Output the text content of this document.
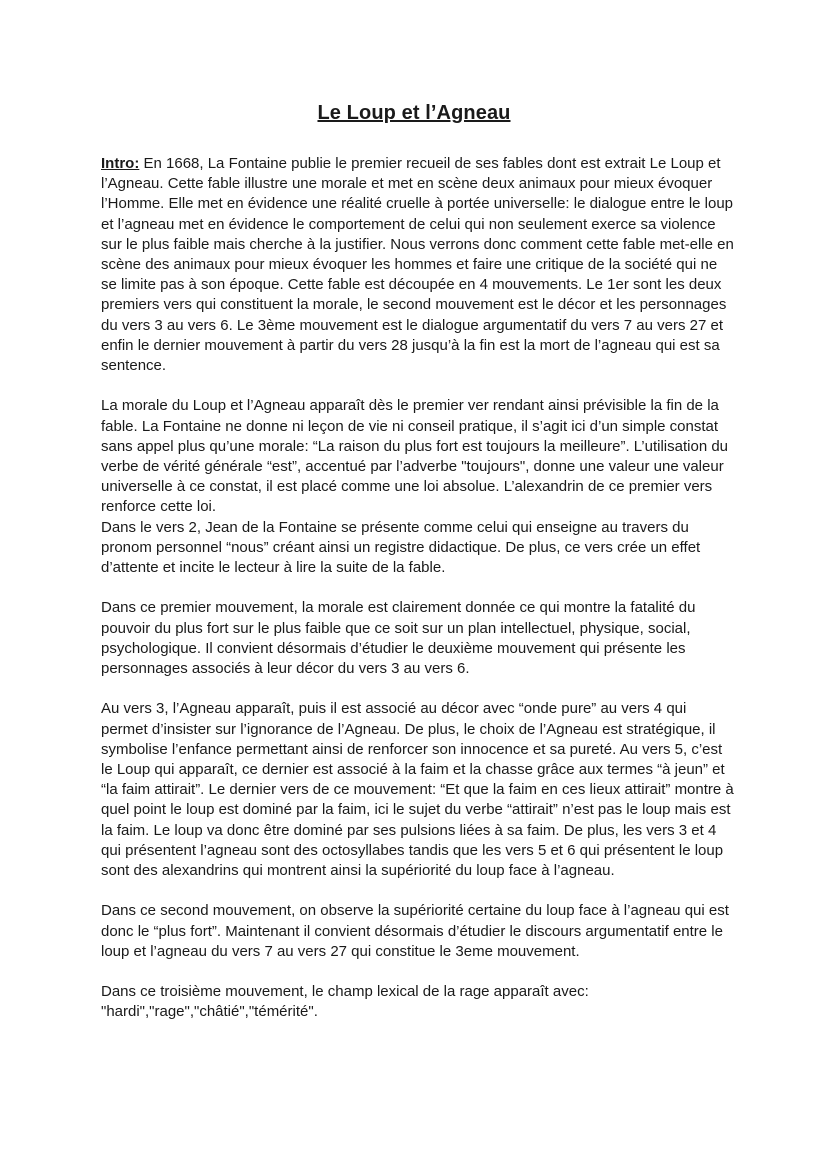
Le Loup et l’Agneau

Intro: En 1668, La Fontaine publie le premier recueil de ses fables dont est extrait Le Loup et l’Agneau. Cette fable illustre une morale et met en scène deux animaux pour mieux évoquer l’Homme. Elle met en évidence une réalité cruelle à portée universelle: le dialogue entre le loup et l’agneau met en évidence le comportement de celui qui non seulement exerce sa violence sur le plus faible mais cherche à la justifier. Nous verrons donc comment cette fable met-elle en scène des animaux pour mieux évoquer les hommes et faire une critique de la société qui ne se limite pas à son époque. Cette fable est découpée en 4 mouvements. Le 1er sont les deux premiers vers qui constituent la morale, le second mouvement est le décor et les personnages du vers 3 au vers 6. Le 3ème mouvement est le dialogue argumentatif du vers 7 au vers 27 et enfin le dernier mouvement à partir du vers 28 jusqu’à la fin est la mort de l’agneau qui est sa sentence.

La morale du Loup et l’Agneau apparaît dès le premier ver rendant ainsi prévisible la fin de la fable. La Fontaine ne donne ni leçon de vie ni conseil pratique, il s’agit ici d’un simple constat sans appel plus qu’une morale: “La raison du plus fort est toujours la meilleure”. L’utilisation du verbe de vérité générale “est”, accentué par l’adverbe "toujours", donne une valeur une valeur universelle à ce constat, il est placé comme une loi absolue. L’alexandrin de ce premier vers renforce cette loi.

Dans le vers 2, Jean de la Fontaine se présente comme celui qui enseigne au travers du pronom personnel “nous” créant ainsi un registre didactique. De plus, ce vers crée un effet d’attente et incite le lecteur à lire la suite de la fable.

Dans ce premier mouvement, la morale est clairement donnée ce qui montre la fatalité du pouvoir du plus fort sur le plus faible que ce soit sur un plan intellectuel, physique, social, psychologique. Il convient désormais d’étudier le deuxième mouvement qui présente les personnages associés à leur décor du vers 3 au vers 6.

Au vers 3, l’Agneau apparaît, puis il est associé au décor avec “onde pure” au vers 4 qui permet d’insister sur l’ignorance de l’Agneau. De plus, le choix de l’Agneau est stratégique, il symbolise l’enfance permettant ainsi de renforcer son innocence et sa pureté. Au vers 5, c’est le Loup qui apparaît, ce dernier est associé à la faim et la chasse grâce aux termes “à jeun” et “la faim attirait”. Le dernier vers de ce mouvement: “Et que la faim en ces lieux attirait” montre à quel point le loup est dominé par la faim, ici le sujet du verbe “attirait” n’est pas le loup mais est la faim. Le loup va donc être dominé par ses pulsions liées à sa faim. De plus, les vers 3 et 4 qui présentent l’agneau sont des octosyllabes tandis que les vers 5 et 6 qui présentent le loup sont des alexandrins qui montrent ainsi la supériorité du loup face à l’agneau.

Dans ce second mouvement, on observe la supériorité certaine du loup face à l’agneau qui est donc le “plus fort”. Maintenant il convient désormais d’étudier le discours argumentatif entre le loup et l’agneau du vers 7 au vers 27 qui constitue le 3eme mouvement.

Dans ce troisième mouvement, le champ lexical de la rage apparaît avec: "hardi","rage","châtié","témérité".
